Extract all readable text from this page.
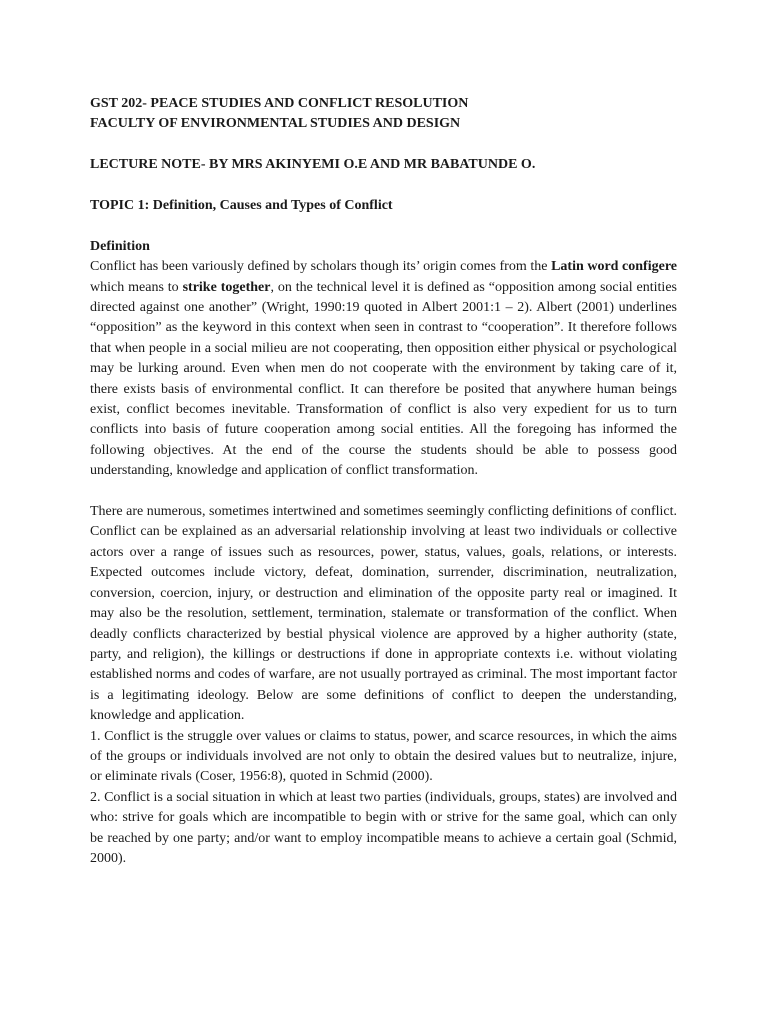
GST 202- PEACE STUDIES AND CONFLICT RESOLUTION

FACULTY OF ENVIRONMENTAL STUDIES AND DESIGN

LECTURE NOTE- BY MRS AKINYEMI O.E AND MR BABATUNDE O.

TOPIC 1: Definition, Causes and Types of Conflict

Definition

Conflict has been variously defined by scholars though its’ origin comes from the Latin word configere which means to strike together, on the technical level it is defined as “opposition among social entities directed against one another” (Wright, 1990:19 quoted in Albert 2001:1 – 2). Albert (2001) underlines “opposition” as the keyword in this context when seen in contrast to “cooperation”. It therefore follows that when people in a social milieu are not cooperating, then opposition either physical or psychological may be lurking around. Even when men do not cooperate with the environment by taking care of it, there exists basis of environmental conflict. It can therefore be posited that anywhere human beings exist, conflict becomes inevitable. Transformation of conflict is also very expedient for us to turn conflicts into basis of future cooperation among social entities. All the foregoing has informed the following objectives. At the end of the course the students should be able to possess good understanding, knowledge and application of conflict transformation.

There are numerous, sometimes intertwined and sometimes seemingly conflicting definitions of conflict. Conflict can be explained as an adversarial relationship involving at least two individuals or collective actors over a range of issues such as resources, power, status, values, goals, relations, or interests. Expected outcomes include victory, defeat, domination, surrender, discrimination, neutralization, conversion, coercion, injury, or destruction and elimination of the opposite party real or imagined. It may also be the resolution, settlement, termination, stalemate or transformation of the conflict. When deadly conflicts characterized by bestial physical violence are approved by a higher authority (state, party, and religion), the killings or destructions if done in appropriate contexts i.e. without violating established norms and codes of warfare, are not usually portrayed as criminal. The most important factor is a legitimating ideology. Below are some definitions of conflict to deepen the understanding, knowledge and application.

1. Conflict is the struggle over values or claims to status, power, and scarce resources, in which the aims of the groups or individuals involved are not only to obtain the desired values but to neutralize, injure, or eliminate rivals (Coser, 1956:8), quoted in Schmid (2000).

2. Conflict is a social situation in which at least two parties (individuals, groups, states) are involved and who: strive for goals which are incompatible to begin with or strive for the same goal, which can only be reached by one party; and/or want to employ incompatible means to achieve a certain goal (Schmid, 2000).
